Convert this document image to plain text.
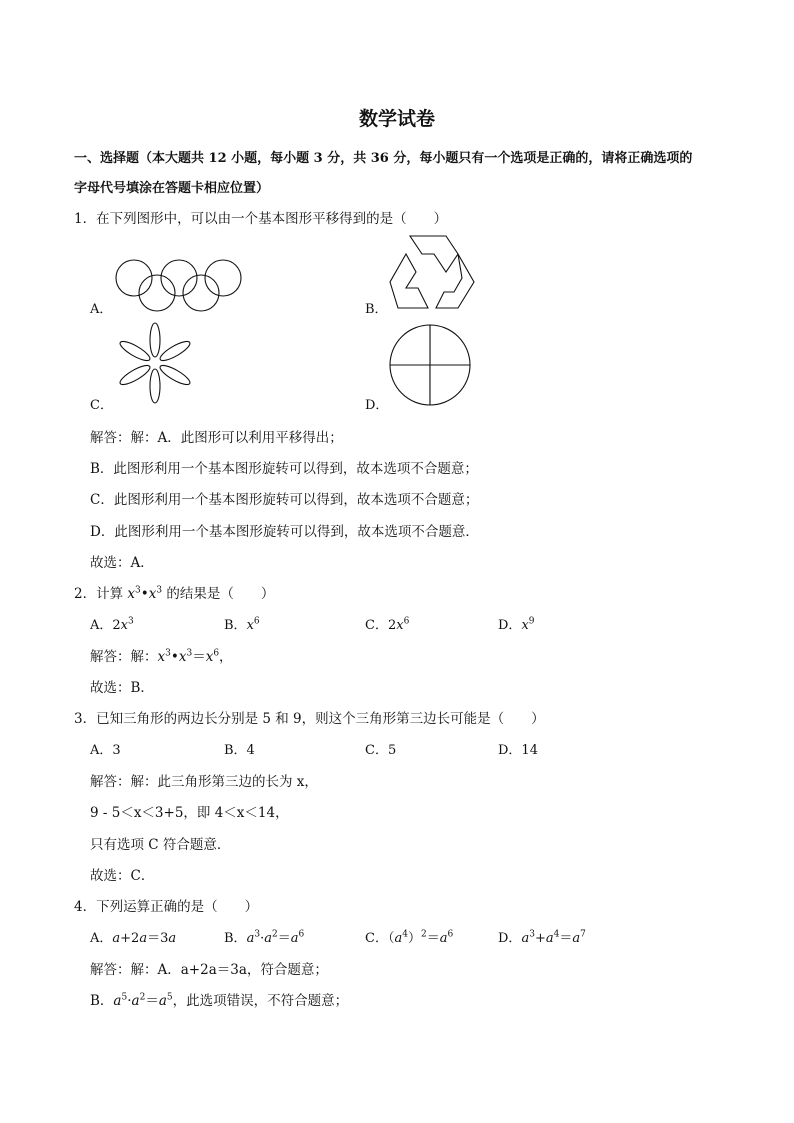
数学试卷
一、选择题（本大题共 12 小题，每小题 3 分，共 36 分，每小题只有一个选项是正确的，请将正确选项的
字母代号填涂在答题卡相应位置）
1．在下列图形中，可以由一个基本图形平移得到的是（　　）
A．	B．
C．	D．
解答：解：A．此图形可以利用平移得出；
B．此图形利用一个基本图形旋转可以得到，故本选项不合题意；
C．此图形利用一个基本图形旋转可以得到，故本选项不合题意；
D．此图形利用一个基本图形旋转可以得到，故本选项不合题意．
故选：A．
2．计算 $x^3•x^3$ 的结果是（　　）
A．$2x^3$	B．$x^6$	C．$2x^6$	D．$x^9$
解答：解：$x^3•x^3=x^6$，
故选：B．
3．已知三角形的两边长分别是 5 和 9，则这个三角形第三边长可能是（　　）
A．3	B．4	C．5	D．14
解答：解：此三角形第三边的长为 x，
9 - 5＜x＜3+5，即 4＜x＜14，
只有选项 C 符合题意．
故选：C．
4．下列运算正确的是（　　）
A．a+2a＝3a	B．$a^3\cdot a^2=a^6$	C．$(a^4)^2=a^6$	D．$a^3+a^4=a^7$
解答：解：A．a+2a＝3a，符合题意；
B．$a^5\cdot a^2=a^5$，此选项错误，不符合题意；
